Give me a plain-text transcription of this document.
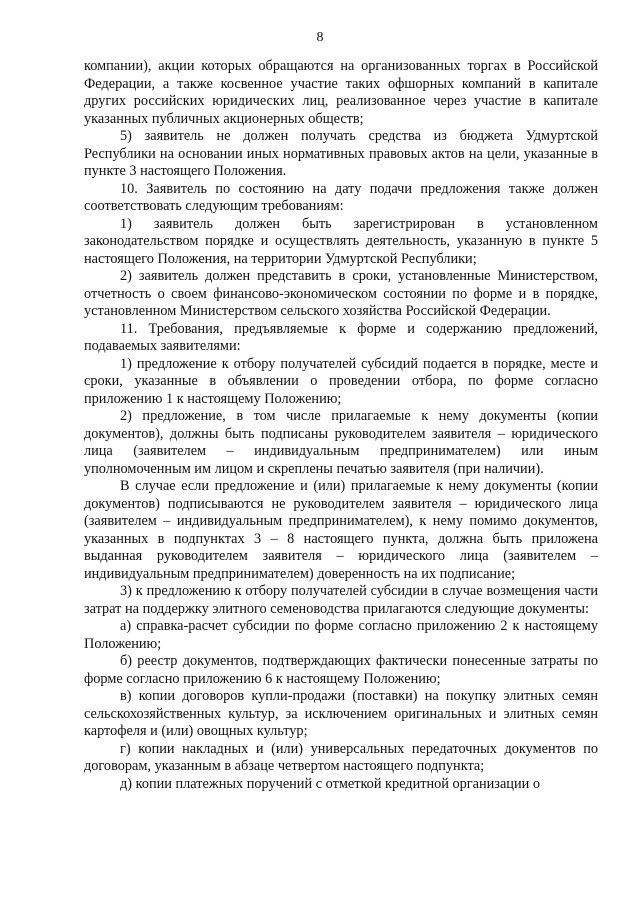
8

компании), акции которых обращаются на организованных торгах в Российской Федерации, а также косвенное участие таких офшорных компаний в капитале других российских юридических лиц, реализованное через участие в капитале указанных публичных акционерных обществ;

5) заявитель не должен получать средства из бюджета Удмуртской Республики на основании иных нормативных правовых актов на цели, указанные в пункте 3 настоящего Положения.

10. Заявитель по состоянию на дату подачи предложения также должен соответствовать следующим требованиям:

1) заявитель должен быть зарегистрирован в установленном законодательством порядке и осуществлять деятельность, указанную в пункте 5 настоящего Положения, на территории Удмуртской Республики;

2) заявитель должен представить в сроки, установленные Министерством, отчетность о своем финансово-экономическом состоянии по форме и в порядке, установленном Министерством сельского хозяйства Российской Федерации.

11. Требования, предъявляемые к форме и содержанию предложений, подаваемых заявителями:

1) предложение к отбору получателей субсидий подается в порядке, месте и сроки, указанные в объявлении о проведении отбора, по форме согласно приложению 1 к настоящему Положению;

2) предложение, в том числе прилагаемые к нему документы (копии документов), должны быть подписаны руководителем заявителя – юридического лица (заявителем – индивидуальным предпринимателем) или иным уполномоченным им лицом и скреплены печатью заявителя (при наличии).

В случае если предложение и (или) прилагаемые к нему документы (копии документов) подписываются не руководителем заявителя – юридического лица (заявителем – индивидуальным предпринимателем), к нему помимо документов, указанных в подпунктах 3 – 8 настоящего пункта, должна быть приложена выданная руководителем заявителя – юридического лица (заявителем – индивидуальным предпринимателем) доверенность на их подписание;

3) к предложению к отбору получателей субсидии в случае возмещения части затрат на поддержку элитного семеноводства прилагаются следующие документы:

а) справка-расчет субсидии по форме согласно приложению 2 к настоящему Положению;

б) реестр документов, подтверждающих фактически понесенные затраты по форме согласно приложению 6 к настоящему Положению;

в) копии договоров купли-продажи (поставки) на покупку элитных семян сельскохозяйственных культур, за исключением оригинальных и элитных семян картофеля и (или) овощных культур;

г) копии накладных и (или) универсальных передаточных документов по договорам, указанным в абзаце четвертом настоящего подпункта;

д) копии платежных поручений с отметкой кредитной организации о
